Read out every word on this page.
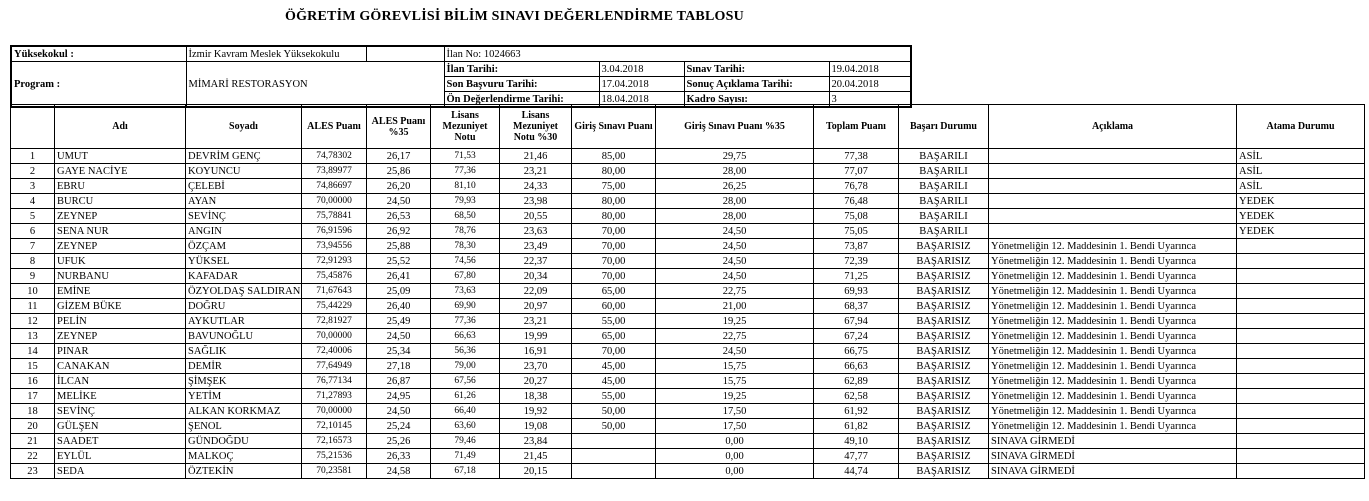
ÖĞRETİM GÖREVLİSİ BİLİM SINAVI DEĞERLENDİRME TABLOSU
Yüksekokul :	İzmir Kavram Meslek Yüksekokulu		İlan No: 1024663			
Program :	MİMARİ RESTORASYON		İlan Tarihi:	3.04.2018	Sınav Tarihi:	19.04.2018
			Son Başvuru Tarihi:	17.04.2018	Sonuç Açıklama Tarihi:	20.04.2018
			Ön Değerlendirme Tarihi:	18.04.2018	Kadro Sayısı:	3
	Adı	Soyadı	ALES Puanı	ALES Puanı %35	Lisans Mezuniyet Notu	Lisans Mezuniyet Notu %30	Giriş Sınavı Puanı	Giriş Sınavı Puanı %35	Toplam Puanı	Başarı Durumu	Açıklama	Atama Durumu
1	UMUT	DEVRİM GENÇ	74,78302	26,17	71,53	21,46	85,00	29,75	77,38	BAŞARILI		ASİL
2	GAYE NACİYE	KOYUNCU	73,89977	25,86	77,36	23,21	80,00	28,00	77,07	BAŞARILI		ASİL
3	EBRU	ÇELEBİ	74,86697	26,20	81,10	24,33	75,00	26,25	76,78	BAŞARILI		ASİL
4	BURCU	AYAN	70,00000	24,50	79,93	23,98	80,00	28,00	76,48	BAŞARILI		YEDEK
5	ZEYNEP	SEVİNÇ	75,78841	26,53	68,50	20,55	80,00	28,00	75,08	BAŞARILI		YEDEK
6	SENA NUR	ANGIN	76,91596	26,92	78,76	23,63	70,00	24,50	75,05	BAŞARILI		YEDEK
7	ZEYNEP	ÖZÇAM	73,94556	25,88	78,30	23,49	70,00	24,50	73,87	BAŞARISIZ	Yönetmeliğin 12. Maddesinin 1. Bendi Uyarınca	
8	UFUK	YÜKSEL	72,91293	25,52	74,56	22,37	70,00	24,50	72,39	BAŞARISIZ	Yönetmeliğin 12. Maddesinin 1. Bendi Uyarınca	
9	NURBANU	KAFADAR	75,45876	26,41	67,80	20,34	70,00	24,50	71,25	BAŞARISIZ	Yönetmeliğin 12. Maddesinin 1. Bendi Uyarınca	
10	EMİNE	ÖZYOLDAŞ SALDIRAN	71,67643	25,09	73,63	22,09	65,00	22,75	69,93	BAŞARISIZ	Yönetmeliğin 12. Maddesinin 1. Bendi Uyarınca	
11	GİZEM BÜKE	DOĞRU	75,44229	26,40	69,90	20,97	60,00	21,00	68,37	BAŞARISIZ	Yönetmeliğin 12. Maddesinin 1. Bendi Uyarınca	
12	PELİN	AYKUTLAR	72,81927	25,49	77,36	23,21	55,00	19,25	67,94	BAŞARISIZ	Yönetmeliğin 12. Maddesinin 1. Bendi Uyarınca	
13	ZEYNEP	BAVUNOĞLU	70,00000	24,50	66,63	19,99	65,00	22,75	67,24	BAŞARISIZ	Yönetmeliğin 12. Maddesinin 1. Bendi Uyarınca	
14	PINAR	SAĞLIK	72,40006	25,34	56,36	16,91	70,00	24,50	66,75	BAŞARISIZ	Yönetmeliğin 12. Maddesinin 1. Bendi Uyarınca	
15	CANAKAN	DEMİR	77,64949	27,18	79,00	23,70	45,00	15,75	66,63	BAŞARISIZ	Yönetmeliğin 12. Maddesinin 1. Bendi Uyarınca	
16	İLCAN	ŞİMŞEK	76,77134	26,87	67,56	20,27	45,00	15,75	62,89	BAŞARISIZ	Yönetmeliğin 12. Maddesinin 1. Bendi Uyarınca	
17	MELİKE	YETİM	71,27893	24,95	61,26	18,38	55,00	19,25	62,58	BAŞARISIZ	Yönetmeliğin 12. Maddesinin 1. Bendi Uyarınca	
18	SEVİNÇ	ALKAN KORKMAZ	70,00000	24,50	66,40	19,92	50,00	17,50	61,92	BAŞARISIZ	Yönetmeliğin 12. Maddesinin 1. Bendi Uyarınca	
20	GÜLŞEN	ŞENOL	72,10145	25,24	63,60	19,08	50,00	17,50	61,82	BAŞARISIZ	Yönetmeliğin 12. Maddesinin 1. Bendi Uyarınca	
21	SAADET	GÜNDOĞDU	72,16573	25,26	79,46	23,84		0,00	49,10	BAŞARISIZ	SINAVA GİRMEDİ	
22	EYLÜL	MALKOÇ	75,21536	26,33	71,49	21,45		0,00	47,77	BAŞARISIZ	SINAVA GİRMEDİ	
23	SEDA	ÖZTEKİN	70,23581	24,58	67,18	20,15		0,00	44,74	BAŞARISIZ	SINAVA GİRMEDİ	
